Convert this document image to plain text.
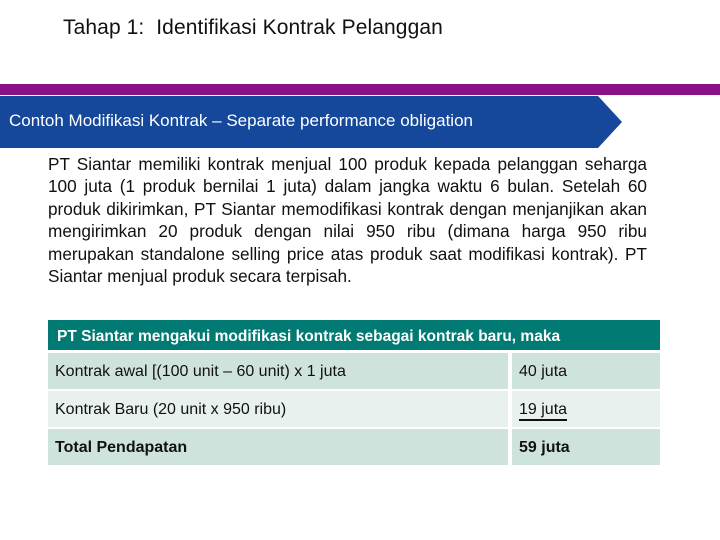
Tahap 1:  Identifikasi Kontrak Pelanggan
Contoh Modifikasi Kontrak – Separate performance obligation
PT Siantar memiliki kontrak menjual 100 produk kepada pelanggan seharga 100 juta (1 produk bernilai 1 juta) dalam jangka waktu 6 bulan. Setelah 60 produk dikirimkan, PT Siantar memodifikasi kontrak dengan menjanjikan akan mengirimkan 20 produk dengan nilai 950 ribu (dimana harga 950 ribu merupakan standalone selling price atas produk saat modifikasi kontrak). PT Siantar menjual produk secara terpisah.
PT Siantar mengakui modifikasi kontrak sebagai kontrak baru, maka
Kontrak awal [(100 unit – 60 unit) x 1 juta	40 juta
Kontrak Baru (20 unit x 950 ribu)	19 juta
Total Pendapatan	59 juta
